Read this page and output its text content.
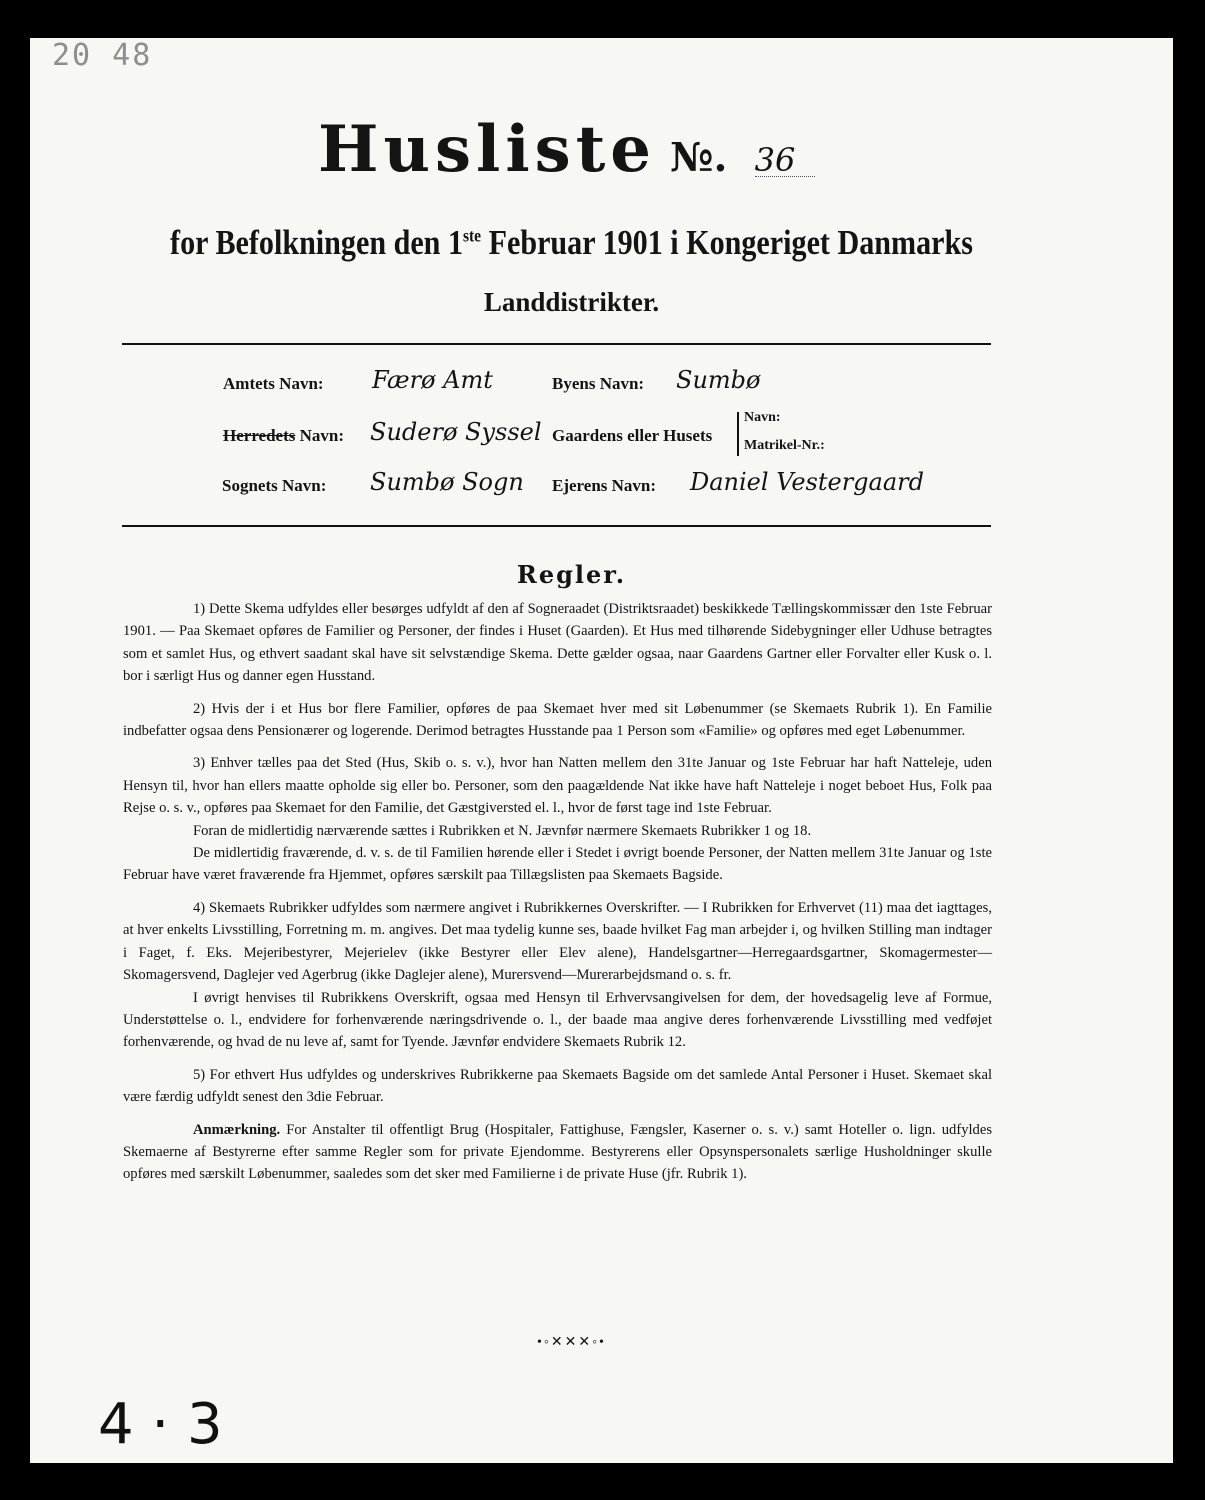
20 48
Husliste №. 36
for Befolkningen den 1ste Februar 1901 i Kongeriget Danmarks
Landdistrikter.
Amtets Navn: Færø Amt
Herredets Navn: Suderø Syssel
Sognets Navn: Sumbø Sogn
Byens Navn: Sumbø
Gaardens eller Husets
Navn:
Matrikel-Nr.:
Ejerens Navn: Daniel Vestergaard
Regler.

1) Dette Skema udfyldes eller besørges udfyldt af den af Sogneraadet (Distriktsraadet) beskikkede Tællingskommissær den 1ste Februar 1901. — Paa Skemaet opføres de Familier og Personer, der findes i Huset (Gaarden). Et Hus med tilhørende Sidebygninger eller Udhuse betragtes som et samlet Hus, og ethvert saadant skal have sit selvstændige Skema. Dette gælder ogsaa, naar Gaardens Gartner eller Forvalter eller Kusk o. l. bor i særligt Hus og danner egen Husstand.

2) Hvis der i et Hus bor flere Familier, opføres de paa Skemaet hver med sit Løbenummer (se Skemaets Rubrik 1). En Familie indbefatter ogsaa dens Pensionærer og logerende. Derimod betragtes Husstande paa 1 Person som «Familie» og opføres med eget Løbenummer.

3) Enhver tælles paa det Sted (Hus, Skib o. s. v.), hvor han Natten mellem den 31te Januar og 1ste Februar har haft Natteleje, uden Hensyn til, hvor han ellers maatte opholde sig eller bo. Personer, som den paagældende Nat ikke have haft Natteleje i noget beboet Hus, Folk paa Rejse o. s. v., opføres paa Skemaet for den Familie, det Gæstgiversted el. l., hvor de først tage ind 1ste Februar.

Foran de midlertidig nærværende sættes i Rubrikken et N. Jævnfør nærmere Skemaets Rubrikker 1 og 18.

De midlertidig fraværende, d. v. s. de til Familien hørende eller i Stedet i øvrigt boende Personer, der Natten mellem 31te Januar og 1ste Februar have været fraværende fra Hjemmet, opføres særskilt paa Tillægslisten paa Skemaets Bagside.

4) Skemaets Rubrikker udfyldes som nærmere angivet i Rubrikkernes Overskrifter. — I Rubrikken for Erhvervet (11) maa det iagttages, at hver enkelts Livsstilling, Forretning m. m. angives. Det maa tydelig kunne ses, baade hvilket Fag man arbejder i, og hvilken Stilling man indtager i Faget, f. Eks. Mejeribestyrer, Mejerielev (ikke Bestyrer eller Elev alene), Handelsgartner—Herregaardsgartner, Skomagermester—Skomagersvend, Daglejer ved Agerbrug (ikke Daglejer alene), Murersvend—Murerarbejdsmand o. s. fr.

I øvrigt henvises til Rubrikkens Overskrift, ogsaa med Hensyn til Erhvervsangivelsen for dem, der hovedsagelig leve af Formue, Understøttelse o. l., endvidere for forhenværende næringsdrivende o. l., der baade maa angive deres forhenværende Livsstilling med vedføjet forhenværende, og hvad de nu leve af, samt for Tyende. Jævnfør endvidere Skemaets Rubrik 12.

5) For ethvert Hus udfyldes og underskrives Rubrikkerne paa Skemaets Bagside om det samlede Antal Personer i Huset. Skemaet skal være færdig udfyldt senest den 3die Februar.

Anmærkning. For Anstalter til offentligt Brug (Hospitaler, Fattighuse, Fængsler, Kaserner o. s. v.) samt Hoteller o. lign. udfyldes Skemaerne af Bestyrerne efter samme Regler som for private Ejendomme. Bestyrerens eller Opsynspersonalets særlige Husholdninger skulle opføres med særskilt Løbenummer, saaledes som det sker med Familierne i de private Huse (jfr. Rubrik 1).

•◦✕✕✕◦•
4 · 3
